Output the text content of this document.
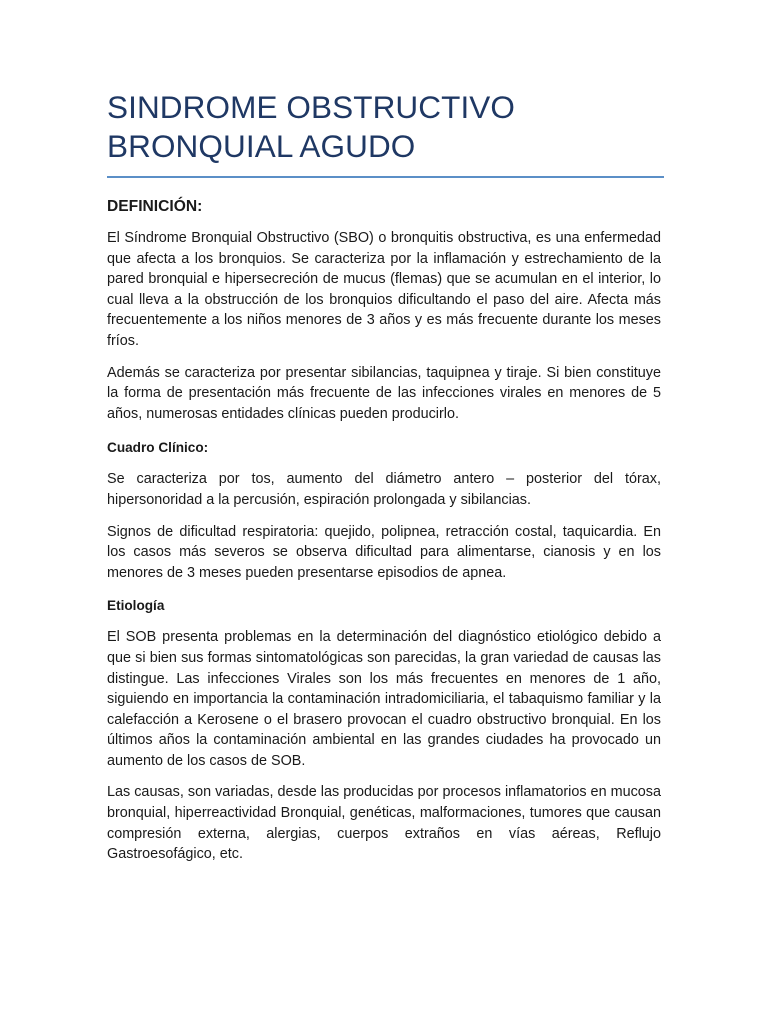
SINDROME OBSTRUCTIVO
BRONQUIAL AGUDO
DEFINICIÓN:

El Síndrome Bronquial Obstructivo (SBO) o bronquitis obstructiva, es una enfermedad que afecta a los bronquios. Se caracteriza por la inflamación y estrechamiento de la pared bronquial e hipersecreción de mucus (flemas) que se acumulan en el interior, lo cual lleva a la obstrucción de los bronquios dificultando el paso del aire. Afecta más frecuentemente a los niños menores de 3 años y es más frecuente durante los meses fríos.

Además se caracteriza por presentar sibilancias, taquipnea y tiraje. Si bien constituye la forma de presentación más frecuente de las infecciones virales en menores de 5 años, numerosas entidades clínicas pueden producirlo.

Cuadro Clínico:

Se caracteriza por tos, aumento del diámetro antero – posterior del tórax, hipersonoridad a la percusión, espiración prolongada y sibilancias.

Signos de dificultad respiratoria: quejido, polipnea, retracción costal, taquicardia. En los casos más severos se observa dificultad para alimentarse, cianosis y en los menores de 3 meses pueden presentarse episodios de apnea.

Etiología

El SOB presenta problemas en la determinación del diagnóstico etiológico debido a que si bien sus formas sintomatológicas son parecidas, la gran variedad de causas las distingue. Las infecciones Virales son los más frecuentes en menores de 1 año, siguiendo en importancia la contaminación intradomiciliaria, el tabaquismo familiar y la calefacción a Kerosene o el brasero provocan el cuadro obstructivo bronquial. En los últimos años la contaminación ambiental en las grandes ciudades ha provocado un aumento de los casos de SOB.

Las causas, son variadas, desde las producidas por procesos inflamatorios en mucosa bronquial, hiperreactividad Bronquial, genéticas, malformaciones, tumores que causan compresión externa, alergias, cuerpos extraños en vías aéreas, Reflujo Gastroesofágico, etc.
